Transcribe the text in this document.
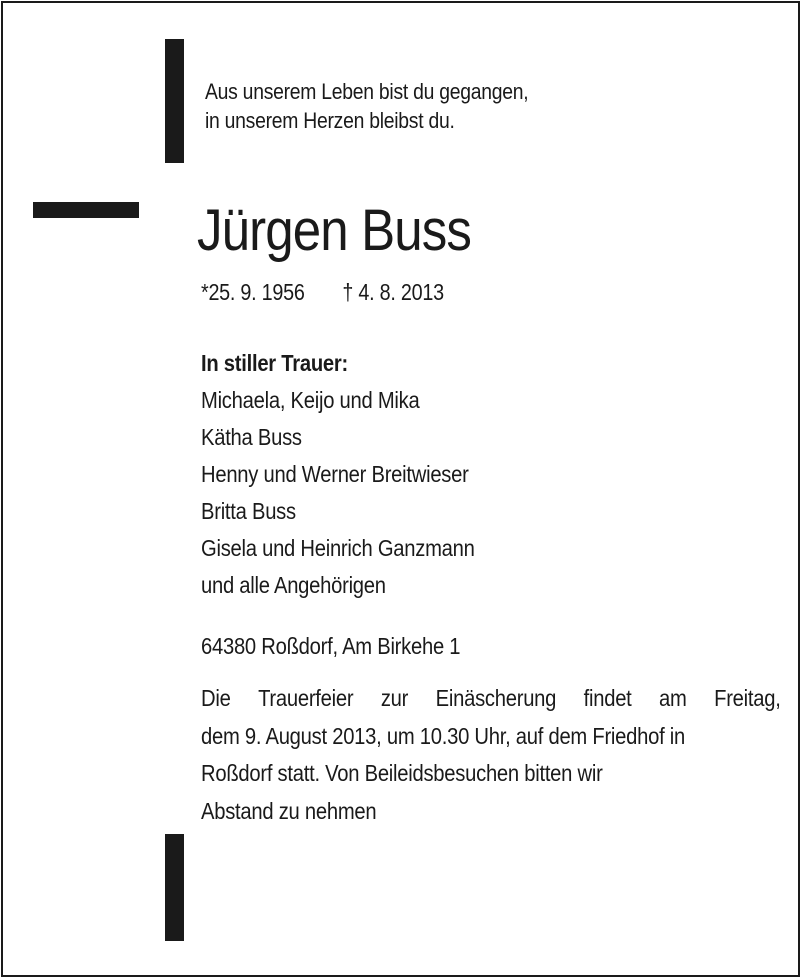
Aus unserem Leben bist du gegangen,
in unserem Herzen bleibst du.
Jürgen Buss
*25. 9. 1956 † 4. 8. 2013
In stiller Trauer:
Michaela, Keijo und Mika
Kätha Buss
Henny und Werner Breitwieser
Britta Buss
Gisela und Heinrich Ganzmann
und alle Angehörigen
64380 Roßdorf, Am Birkehe 1
Die Trauerfeier zur Einäscherung findet am Freitag,
dem 9. August 2013, um 10.30 Uhr, auf dem Friedhof in
Roßdorf statt. Von Beileidsbesuchen bitten wir
Abstand zu nehmen
